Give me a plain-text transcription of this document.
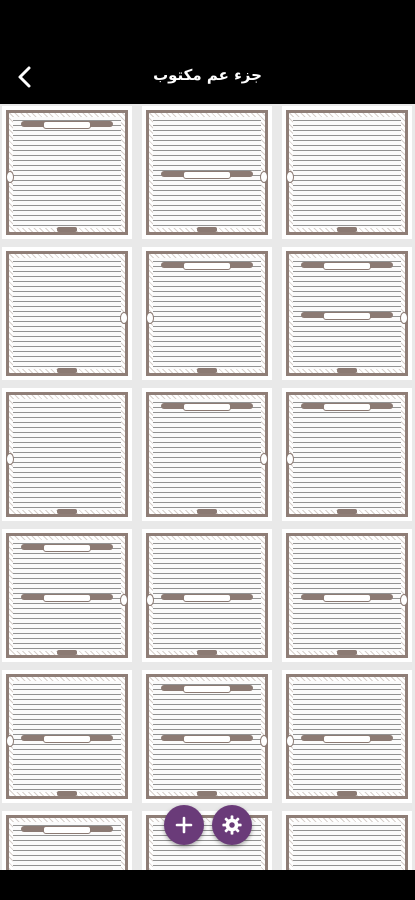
جزء عم مكتوب
